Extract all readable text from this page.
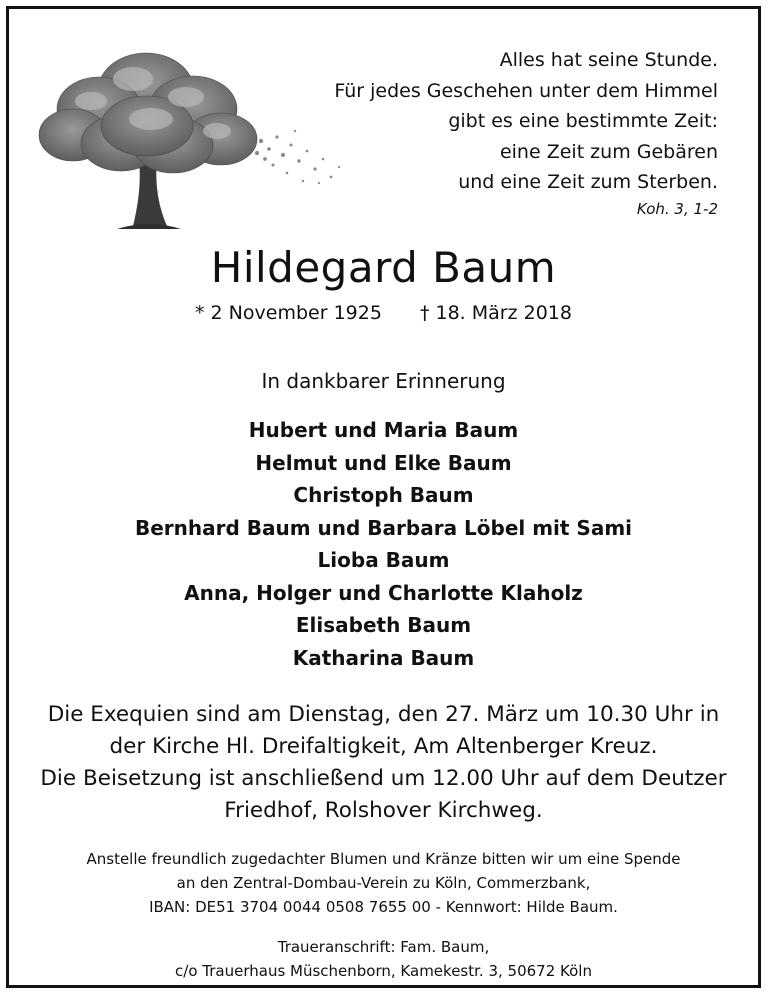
Alles hat seine Stunde.
Für jedes Geschehen unter dem Himmel
gibt es eine bestimmte Zeit:
eine Zeit zum Gebären
und eine Zeit zum Sterben.
Koh. 3, 1-2
Hildegard Baum
* 2 November 1925 † 18. März 2018
In dankbarer Erinnerung
Hubert und Maria Baum
Helmut und Elke Baum
Christoph Baum
Bernhard Baum und Barbara Löbel mit Sami
Lioba Baum
Anna, Holger und Charlotte Klaholz
Elisabeth Baum
Katharina Baum
Die Exequien sind am Dienstag, den 27. März um 10.30 Uhr in
der Kirche Hl. Dreifaltigkeit, Am Altenberger Kreuz.
Die Beisetzung ist anschließend um 12.00 Uhr auf dem Deutzer
Friedhof, Rolshover Kirchweg.
Anstelle freundlich zugedachter Blumen und Kränze bitten wir um eine Spende
an den Zentral-Dombau-Verein zu Köln, Commerzbank,
IBAN: DE51 3704 0044 0508 7655 00 - Kennwort: Hilde Baum.
Traueranschrift: Fam. Baum,
c/o Trauerhaus Müschenborn, Kamekestr. 3, 50672 Köln
